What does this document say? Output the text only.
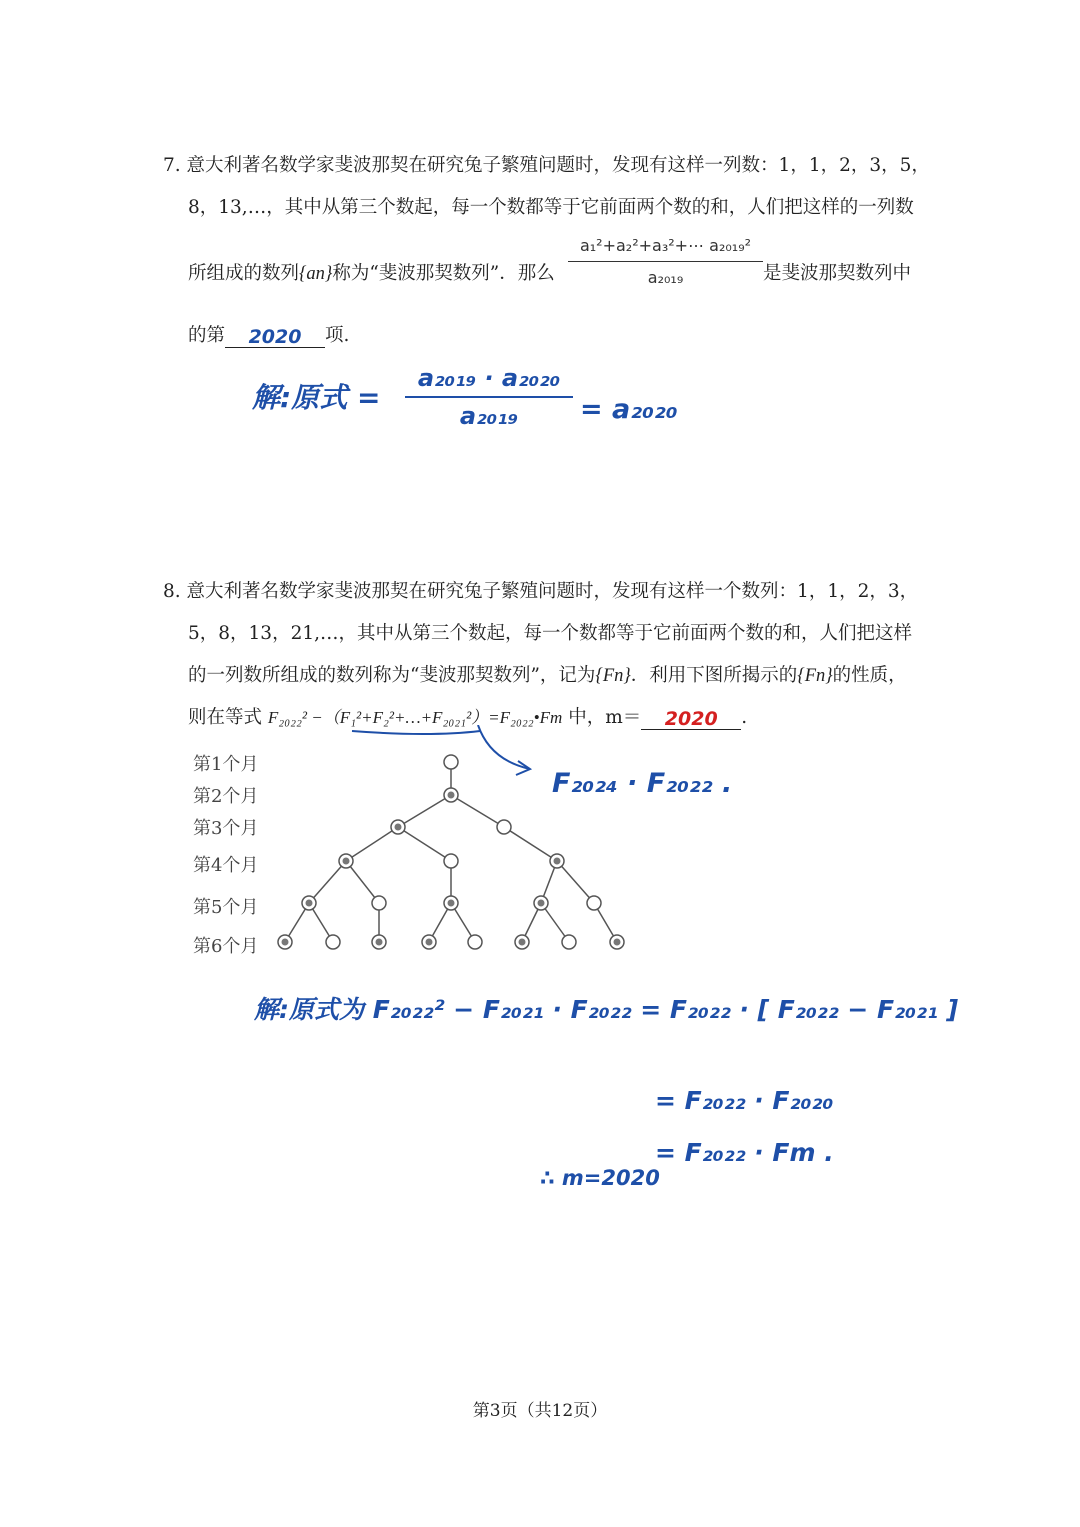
7. 意大利著名数学家斐波那契在研究兔子繁殖问题时，发现有这样一列数：1，1，2，3，5，
8，13,…，其中从第三个数起，每一个数都等于它前面两个数的和，人们把这样的一列数
所组成的数列{an}称为“斐波那契数列”．那么
a₁²+a₂²+a₃²+⋯ a₂₀₁₉²
a₂₀₁₉	是斐波那契数列中
的第 2020 项.
解:原式 =
a₂₀₁₉ · a₂₀₂₀
a₂₀₁₉	= a₂₀₂₀
8. 意大利著名数学家斐波那契在研究兔子繁殖问题时，发现有这样一个数列：1，1，2，3，
5，8，13，21,…，其中从第三个数起，每一个数都等于它前面两个数的和，人们把这样
的一列数所组成的数列称为“斐波那契数列”，记为{Fn}．利用下图所揭示的{Fn}的性质，
则在等式 F₂₀₂₂² −（F₁²+F₂²+…+F₂₀₂₁²）=F₂₀₂₂•Fm 中，m＝ 2020 .
F₂₀₂₄ · F₂₀₂₂ .
第1个月
第2个月
第3个月
第4个月
第5个月
第6个月
解:原式为 F₂₀₂₂² − F₂₀₂₁ · F₂₀₂₂ = F₂₀₂₂ · [ F₂₀₂₂ − F₂₀₂₁ ]
= F₂₀₂₂ · F₂₀₂₀
= F₂₀₂₂ · Fm .
∴ m=2020
第3页（共12页）
